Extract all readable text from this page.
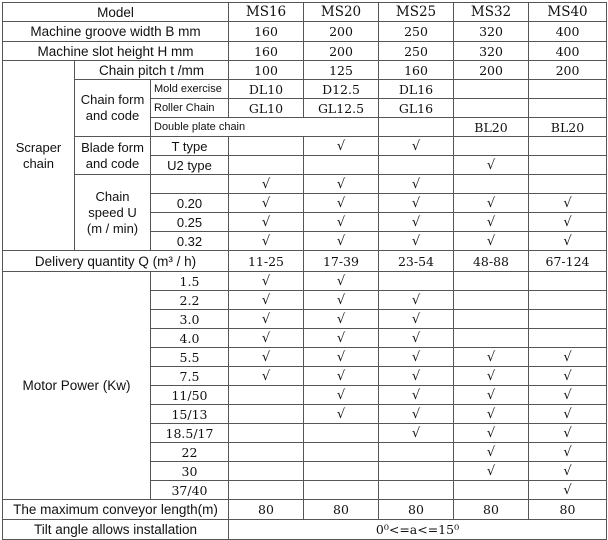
Model			MS16	MS20	MS25	MS32	MS40
Machine groove width B mm			160	200	250	320	400
Machine slot height H mm			160	200	250	320	400
Scraper
chain	Chain pitch t /mm		100	125	160	200	200
	Chain form
and code	Mold exercise	DL10	D12.5	DL16		
		Roller Chain	GL10	GL12.5	GL16		
		Double plate chain				BL20	BL20
	Blade form
and code	T type		√	√		
		U2 type				√	
	Chain
speed U
(m / min)		√	√	√		
		0.20	√	√	√	√	√
		0.25	√	√	√	√	√
		0.32	√	√	√	√	√
Delivery quantity Q (m³ / h)			11-25	17-39	23-54	48-88	67-124
Motor Power (Kw)		1.5	√	√			
		2.2	√	√	√		
		3.0	√	√	√		
		4.0	√	√	√		
		5.5	√	√	√	√	√
		7.5	√	√	√	√	√
		11/50		√	√	√	√
		15/13		√	√	√	√
		18.5/17			√	√	√
		22				√	√
		30				√	√
		37/40					√
The maximum conveyor length(m)			80	80	80	80	80
Tilt angle allows installation			0⁰<=a<=15⁰				
